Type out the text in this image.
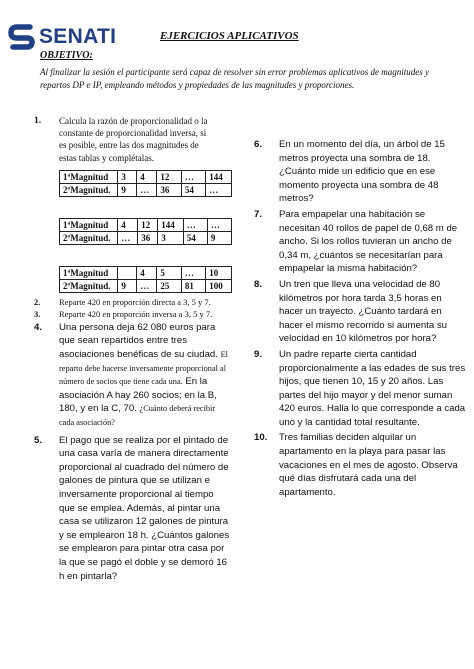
SENATI	EJERCICIOS APLICATIVOS
OBJETIVO:
Al finalizar la sesión el participante será capaz de resolver sin error problemas aplicativos de magnitudes y repartos DP e IP, empleando métodos y propiedades de las magnitudes y proporciones.
1. Calcula la razón de proporcionalidad o la constante de proporcionalidad inversa, si es posible, entre las dos magnitudes de estas tablas y complétalas.
1ªMagnitud	3	4	12	…	144
2ªMagnitud.	9	…	36	54	…
1ªMagnitud	4	12	144	…	…
2ªMagnitud.	…	36	3	54	9
1ªMagnitud		4	5	…	10
2ªMagnitud.	9	…	25	81	100
2. Reparte 420 en proporción directa a 3, 5 y 7.
3. Reparte 420 en proporción inversa a 3, 5 y 7.
4. Una persona deja 62 080 euros para que sean repartidos entre tres asociaciones benéficas de su ciudad. El reparto debe hacerse inversamente proporcional al número de socios que tiene cada una. En la asociación A hay 260 socios; en la B, 180, y en la C, 70. ¿Cuánto deberá recibir cada asociación?
5. El pago que se realiza por el pintado de una casa varía de manera directamente proporcional al cuadrado del número de galones de pintura que se utilizan e inversamente proporcional al tiempo que se emplea. Además, al pintar una casa se utilizaron 12 galones de pintura y se emplearon 18 h. ¿Cuántos galones se emplearon para pintar otra casa por la que se pagó el doble y se demoró 16 h en pintarla?
6. En un momento del día, un árbol de 15 metros proyecta una sombra de 18. ¿Cuánto mide un edificio que en ese momento proyecta una sombra de 48 metros?
7. Para empapelar una habitación se necesitan 40 rollos de papel de 0,68 m de ancho. Si los rollos tuvieran un ancho de 0,34 m, ¿cuántos se necesitarían para empapelar la misma habitación?
8. Un tren que lleva una velocidad de 80 kilómetros por hora tarda 3,5 horas en hacer un trayecto. ¿Cuánto tardará en hacer el mismo recorrido si aumenta su velocidad en 10 kilómetros por hora?
9. Un padre reparte cierta cantidad proporcionalmente a las edades de sus tres hijos, que tienen 10, 15 y 20 años. Las partes del hijo mayor y del menor suman 420 euros. Halla lo que corresponde a cada uno y la cantidad total resultante.
10. Tres familias deciden alquilar un apartamento en la playa para pasar las vacaciones en el mes de agosto. Observa qué días disfrutará cada una del apartamento.
